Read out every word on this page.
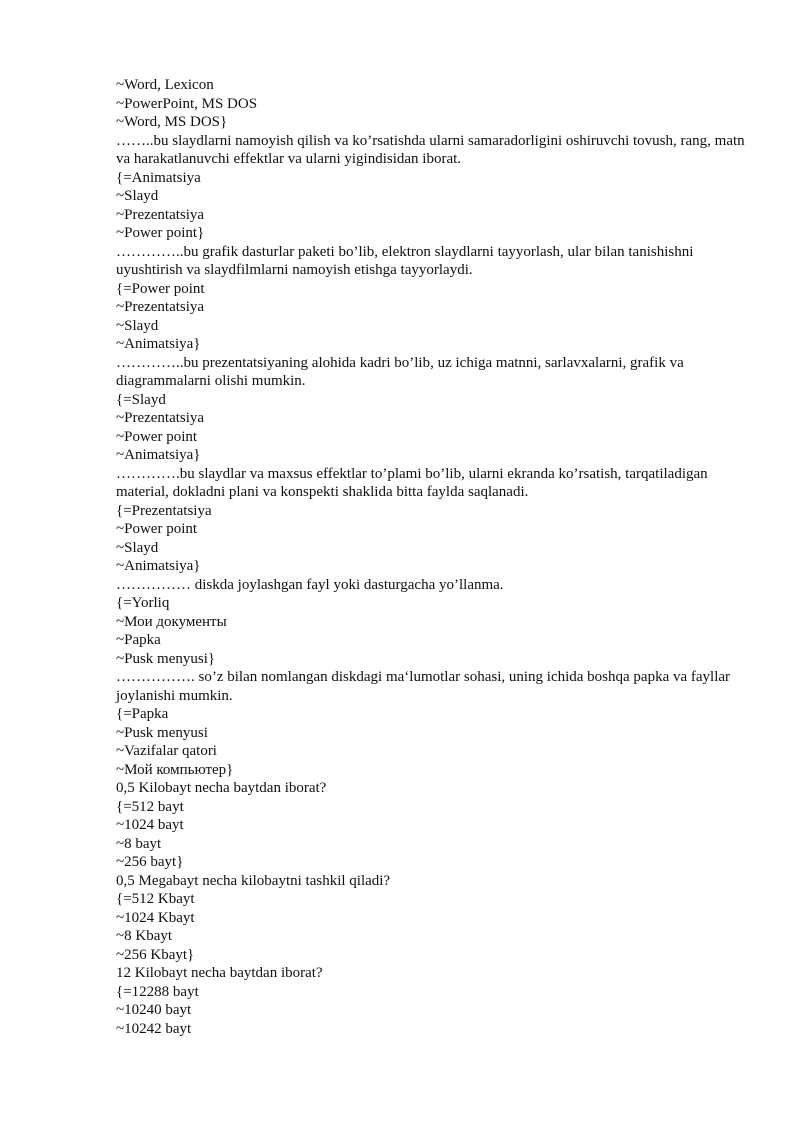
~Word, Lexicon
~PowerPoint, MS DOS
~Word, MS DOS}
……..bu slaydlarni namoyish qilish va ko’rsatishda ularni samaradorligini oshiruvchi tovush, rang, matn va harakatlanuvchi effektlar va ularni yigindisidan iborat.
{=Animatsiya
~Slayd
~Prezentatsiya
~Power point}
…………..bu grafik dasturlar paketi bo’lib, elektron slaydlarni tayyorlash, ular bilan tanishishni uyushtirish va slaydfilmlarni namoyish etishga tayyorlaydi.
{=Power point
~Prezentatsiya
~Slayd
~Animatsiya}
…………..bu prezentatsiyaning alohida kadri bo’lib, uz ichiga matnni, sarlavxalarni, grafik va diagrammalarni olishi mumkin.
{=Slayd
~Prezentatsiya
~Power point
~Animatsiya}
………….bu slaydlar va maxsus effektlar to’plami bo’lib, ularni ekranda ko’rsatish, tarqatiladigan material, dokladni plani va konspekti shaklida bitta faylda saqlanadi.
{=Prezentatsiya
~Power point
~Slayd
~Animatsiya}
…………… diskda joylashgan fayl yoki dasturgacha yo’llanma.
{=Yorliq
~Мои документы
~Papka
~Pusk menyusi}
……………. so’z bilan nomlangan diskdagi ma‘lumotlar sohasi, uning ichida boshqa papka va fayllar joylanishi mumkin.
{=Papka
~Pusk menyusi
~Vazifalar qatori
~Мой компьютер}
0,5 Kilobayt necha baytdan iborat?
{=512 bayt
~1024 bayt
~8 bayt
~256 bayt}
0,5 Megabayt necha kilobaytni tashkil qiladi?
{=512 Kbayt
~1024 Kbayt
~8 Kbayt
~256 Kbayt}
12 Kilobayt necha baytdan iborat?
{=12288 bayt
~10240 bayt
~10242 bayt
